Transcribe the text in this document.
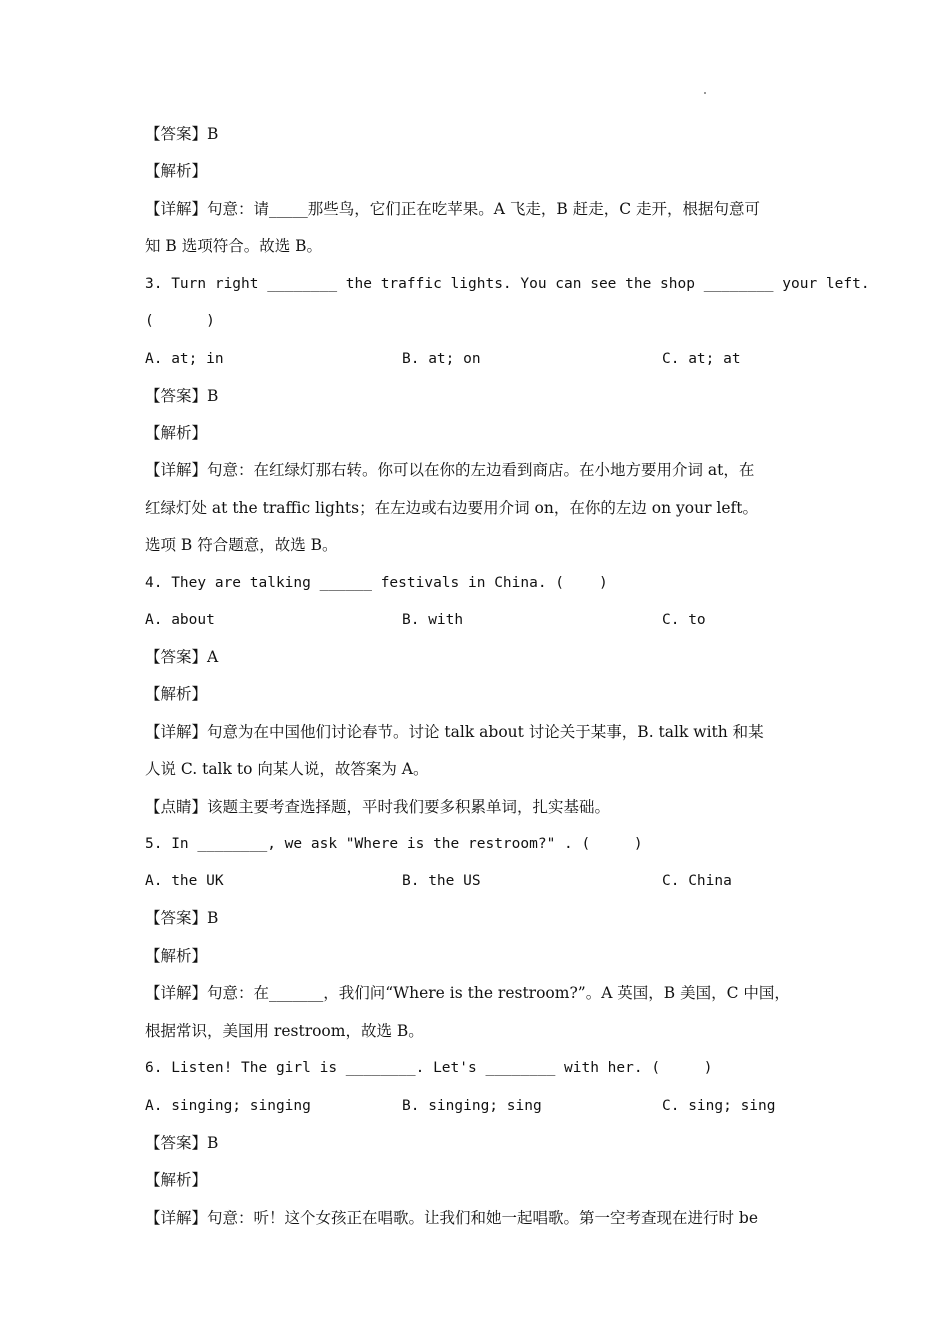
【答案】B
【解析】
【详解】句意：请_____那些鸟，它们正在吃苹果。A 飞走，B 赶走，C 走开，根据句意可
知 B 选项符合。故选 B。
3. Turn right ________ the traffic lights. You can see the shop ________ your left.
(      )
A. at; in	B. at; on	C. at; at
【答案】B
【解析】
【详解】句意：在红绿灯那右转。你可以在你的左边看到商店。在小地方要用介词 at，在
红绿灯处 at the traffic lights；在左边或右边要用介词 on，在你的左边 on your left。
选项 B 符合题意，故选 B。
4. They are talking ______ festivals in China. (    )
A. about	B. with	C. to
【答案】A
【解析】
【详解】句意为在中国他们讨论春节。讨论 talk about 讨论关于某事，B. talk with 和某
人说 C. talk to 向某人说，故答案为 A。
【点睛】该题主要考查选择题，平时我们要多积累单词，扎实基础。
5. In ________, we ask "Where is the restroom?" . (     )
A. the UK	B. the US	C. China
【答案】B
【解析】
【详解】句意：在_______，我们问“Where is the restroom?”。A 英国，B 美国，C 中国，
根据常识，美国用 restroom，故选 B。
6. Listen! The girl is ________. Let's ________ with her. (     )
A. singing; singing	B. singing; sing	C. sing; sing
【答案】B
【解析】
【详解】句意：听！这个女孩正在唱歌。让我们和她一起唱歌。第一空考查现在进行时 be
